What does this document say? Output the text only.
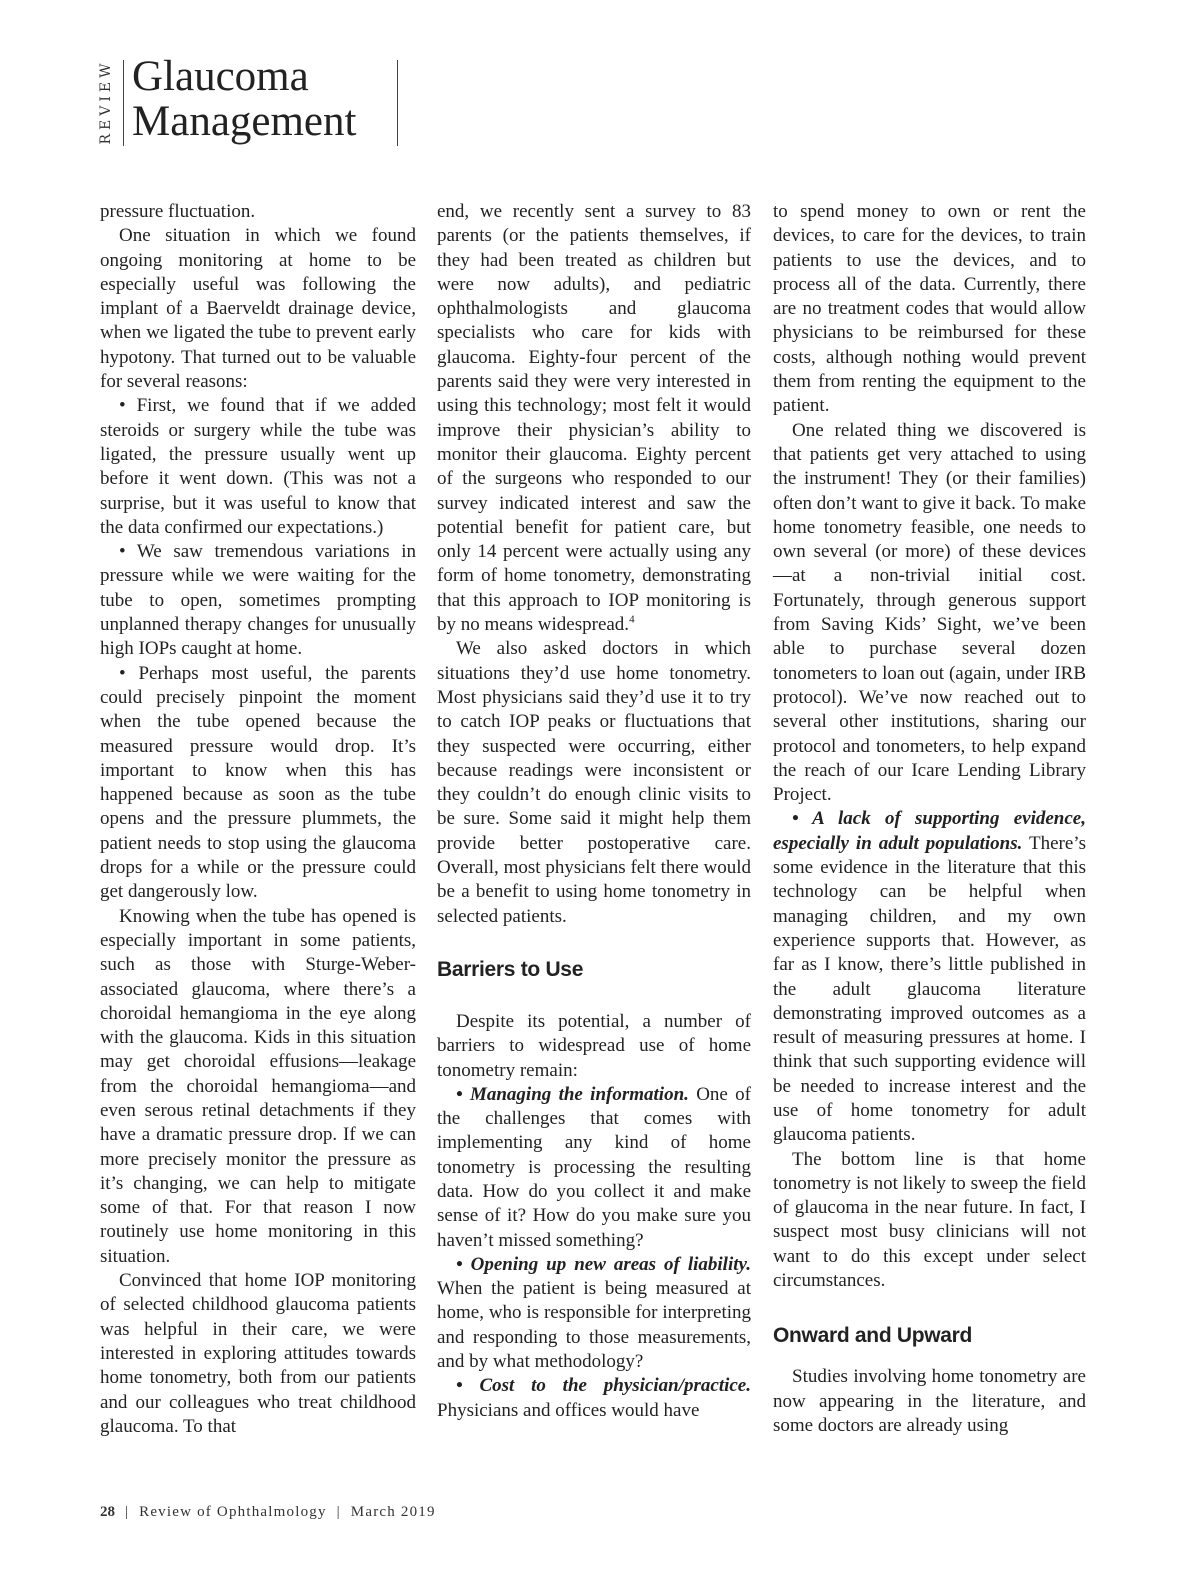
REVIEW Glaucoma
Management

pressure fluctuation.

One situation in which we found ongoing monitoring at home to be especially useful was following the implant of a Baerveldt drainage device, when we ligated the tube to prevent early hypotony. That turned out to be valuable for several reasons:

• First, we found that if we added steroids or surgery while the tube was ligated, the pressure usually went up before it went down. (This was not a surprise, but it was useful to know that the data confirmed our expectations.)

• We saw tremendous variations in pressure while we were waiting for the tube to open, sometimes prompting unplanned therapy changes for unusually high IOPs caught at home.

• Perhaps most useful, the parents could precisely pinpoint the moment when the tube opened because the measured pressure would drop. It’s important to know when this has happened because as soon as the tube opens and the pressure plummets, the patient needs to stop using the glaucoma drops for a while or the pressure could get dangerously low.

Knowing when the tube has opened is especially important in some patients, such as those with Sturge-Weber-associated glaucoma, where there’s a choroidal hemangioma in the eye along with the glaucoma. Kids in this situation may get choroidal effusions—leakage from the choroidal hemangioma—and even serous retinal detachments if they have a dramatic pressure drop. If we can more precisely monitor the pressure as it’s changing, we can help to mitigate some of that. For that reason I now routinely use home monitoring in this situation.

Convinced that home IOP monitoring of selected childhood glaucoma patients was helpful in their care, we were interested in exploring attitudes towards home tonometry, both from our patients and our colleagues who treat childhood glaucoma. To that

end, we recently sent a survey to 83 parents (or the patients themselves, if they had been treated as children but were now adults), and pediatric ophthalmologists and glaucoma specialists who care for kids with glaucoma. Eighty-four percent of the parents said they were very interested in using this technology; most felt it would improve their physician’s ability to monitor their glaucoma. Eighty percent of the surgeons who responded to our survey indicated interest and saw the potential benefit for patient care, but only 14 percent were actually using any form of home tonometry, demonstrating that this approach to IOP monitoring is by no means widespread.$^4$

We also asked doctors in which situations they’d use home tonometry. Most physicians said they’d use it to try to catch IOP peaks or fluctuations that they suspected were occurring, either because readings were inconsistent or they couldn’t do enough clinic visits to be sure. Some said it might help them provide better postoperative care. Overall, most physicians felt there would be a benefit to using home tonometry in selected patients.

Barriers to Use

Despite its potential, a number of barriers to widespread use of home tonometry remain:

• Managing the information. One of the challenges that comes with implementing any kind of home tonometry is processing the resulting data. How do you collect it and make sense of it? How do you make sure you haven’t missed something?

• Opening up new areas of liability. When the patient is being measured at home, who is responsible for interpreting and responding to those measurements, and by what methodology?

• Cost to the physician/practice. Physicians and offices would have

to spend money to own or rent the devices, to care for the devices, to train patients to use the devices, and to process all of the data. Currently, there are no treatment codes that would allow physicians to be reimbursed for these costs, although nothing would prevent them from renting the equipment to the patient.

One related thing we discovered is that patients get very attached to using the instrument! They (or their families) often don’t want to give it back. To make home tonometry feasible, one needs to own several (or more) of these devices—at a non-trivial initial cost. Fortunately, through generous support from Saving Kids’ Sight, we’ve been able to purchase several dozen tonometers to loan out (again, under IRB protocol). We’ve now reached out to several other institutions, sharing our protocol and tonometers, to help expand the reach of our Icare Lending Library Project.

• A lack of supporting evidence, especially in adult populations. There’s some evidence in the literature that this technology can be helpful when managing children, and my own experience supports that. However, as far as I know, there’s little published in the adult glaucoma literature demonstrating improved outcomes as a result of measuring pressures at home. I think that such supporting evidence will be needed to increase interest and the use of home tonometry for adult glaucoma patients.

The bottom line is that home tonometry is not likely to sweep the field of glaucoma in the near future. In fact, I suspect most busy clinicians will not want to do this except under select circumstances.

Onward and Upward

Studies involving home tonometry are now appearing in the literature, and some doctors are already using

28 | Review of Ophthalmology | March 2019
